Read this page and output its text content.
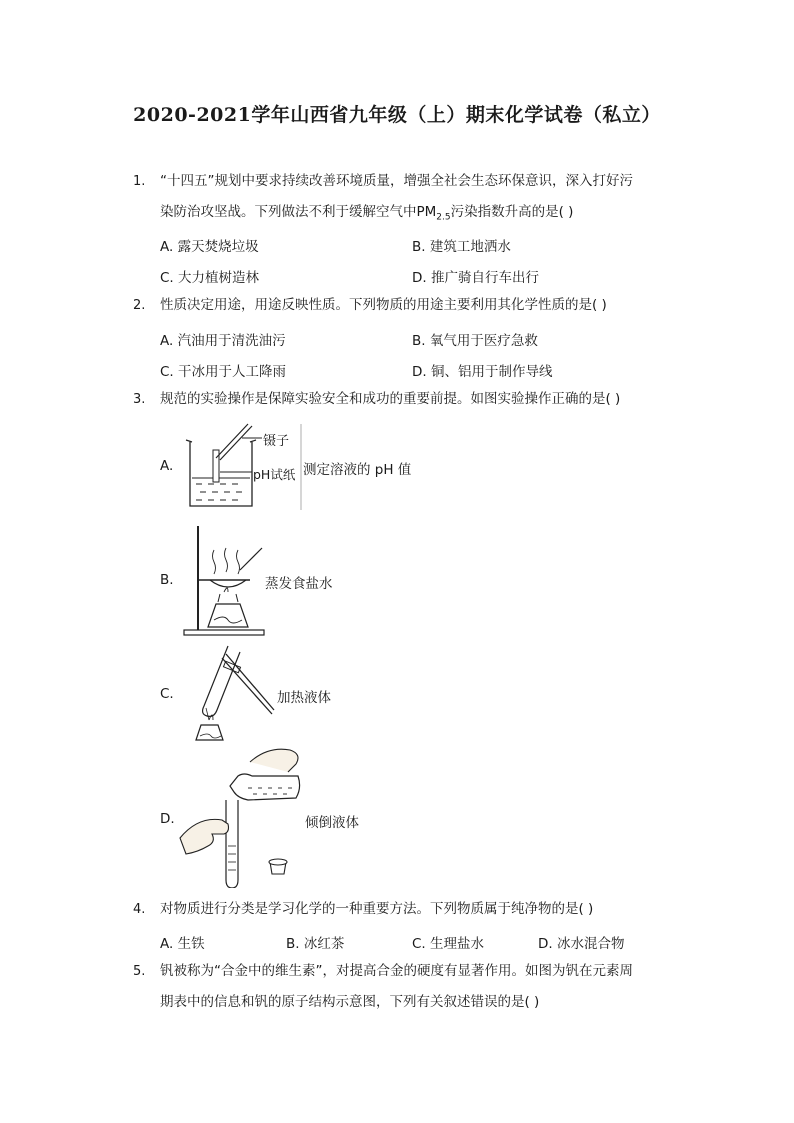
2020-2021学年山西省九年级（上）期末化学试卷（私立）
1. “十四五”规划中要求持续改善环境质量，增强全社会生态环保意识，深入打好污
染防治攻坚战。下列做法不利于缓解空气中$PM_{2.5}$污染指数升高的是( )
A. 露天焚烧垃圾	B. 建筑工地洒水
C. 大力植树造林	D. 推广骑自行车出行
2. 性质决定用途，用途反映性质。下列物质的用途主要利用其化学性质的是( )
A. 汽油用于清洗油污	B. 氧气用于医疗急救
C. 干冰用于人工降雨	D. 铜、铝用于制作导线
3. 规范的实验操作是保障实验安全和成功的重要前提。如图实验操作正确的是( )
A.
镊子
pH试纸 测定溶液的 pH 值
B.	蒸发食盐水
C.	加热液体
D.	倾倒液体
4. 对物质进行分类是学习化学的一种重要方法。下列物质属于纯净物的是( )
A. 生铁	B. 冰红茶	C. 生理盐水	D. 冰水混合物
5. 钒被称为“合金中的维生素”，对提高合金的硬度有显著作用。如图为钒在元素周
期表中的信息和钒的原子结构示意图，下列有关叙述错误的是( )
